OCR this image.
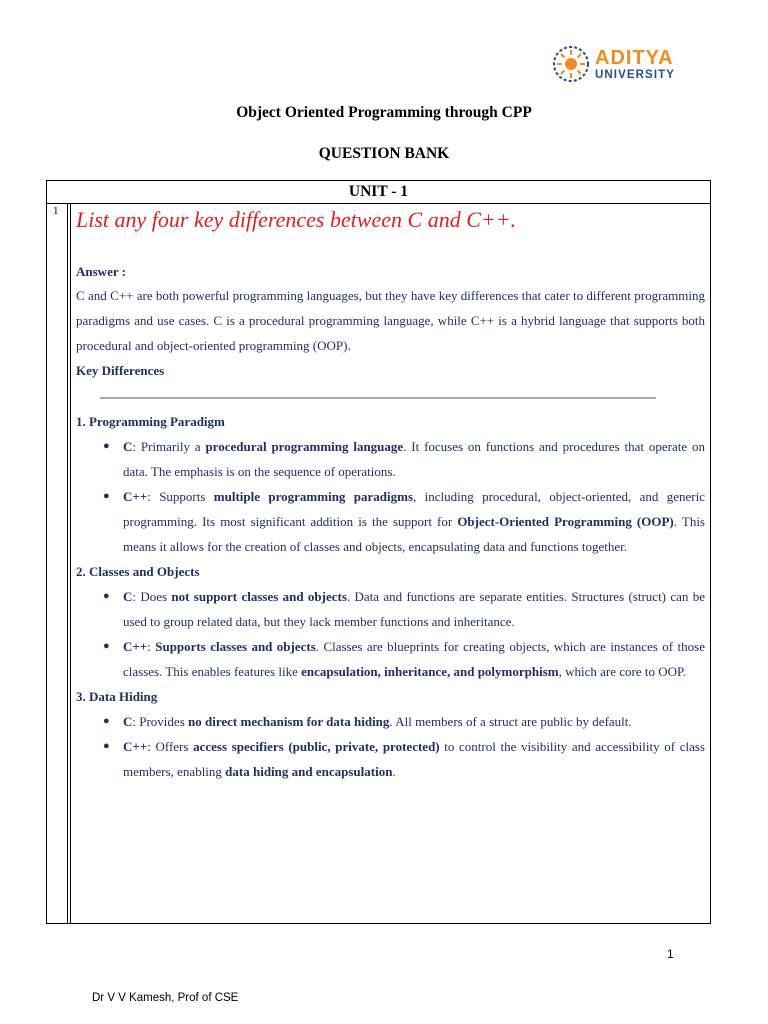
ADITYA
UNIVERSITY
Object Oriented Programming through CPP
QUESTION BANK
UNIT - 1
1 List any four key differences between C and C++.
Answer :

C and C++ are both powerful programming languages, but they have key differences that cater to different programming paradigms and use cases. C is a procedural programming language, while C++ is a hybrid language that supports both procedural and object-oriented programming (OOP).

Key Differences

1. Programming Paradigm

● C: Primarily a procedural programming language. It focuses on functions and procedures that operate on data. The emphasis is on the sequence of operations.
● C++: Supports multiple programming paradigms, including procedural, object-oriented, and generic programming. Its most significant addition is the support for Object-Oriented Programming (OOP). This means it allows for the creation of classes and objects, encapsulating data and functions together.

2. Classes and Objects

● C: Does not support classes and objects. Data and functions are separate entities. Structures (struct) can be used to group related data, but they lack member functions and inheritance.
● C++: Supports classes and objects. Classes are blueprints for creating objects, which are instances of those classes. This enables features like encapsulation, inheritance, and polymorphism, which are core to OOP.

3. Data Hiding

● C: Provides no direct mechanism for data hiding. All members of a struct are public by default.
● C++: Offers access specifiers (public, private, protected) to control the visibility and accessibility of class members, enabling data hiding and encapsulation.
1
Dr V V Kamesh, Prof of CSE
